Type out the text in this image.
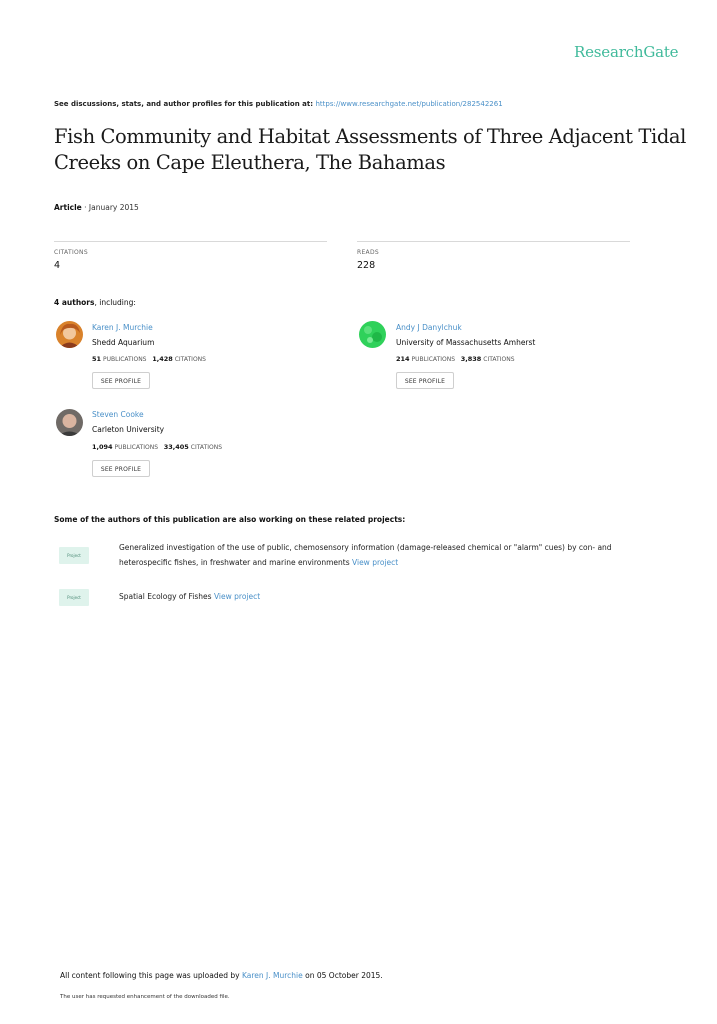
ResearchGate
See discussions, stats, and author profiles for this publication at: https://www.researchgate.net/publication/282542261
Fish Community and Habitat Assessments of Three Adjacent Tidal Creeks on Cape Eleuthera, The Bahamas
Article · January 2015
CITATIONS
4
READS
228
4 authors, including:
Karen J. Murchie
Shedd Aquarium
51 PUBLICATIONS 1,428 CITATIONS
SEE PROFILE
Andy J Danylchuk
University of Massachusetts Amherst
214 PUBLICATIONS 3,838 CITATIONS
SEE PROFILE
Steven Cooke
Carleton University
1,094 PUBLICATIONS 33,405 CITATIONS
SEE PROFILE
Some of the authors of this publication are also working on these related projects:
Project
Generalized investigation of the use of public, chemosensory information (damage-released chemical or "alarm" cues) by con- and heterospecific fishes, in freshwater and marine environments View project
Project	Spatial Ecology of Fishes View project
All content following this page was uploaded by Karen J. Murchie on 05 October 2015.
The user has requested enhancement of the downloaded file.
